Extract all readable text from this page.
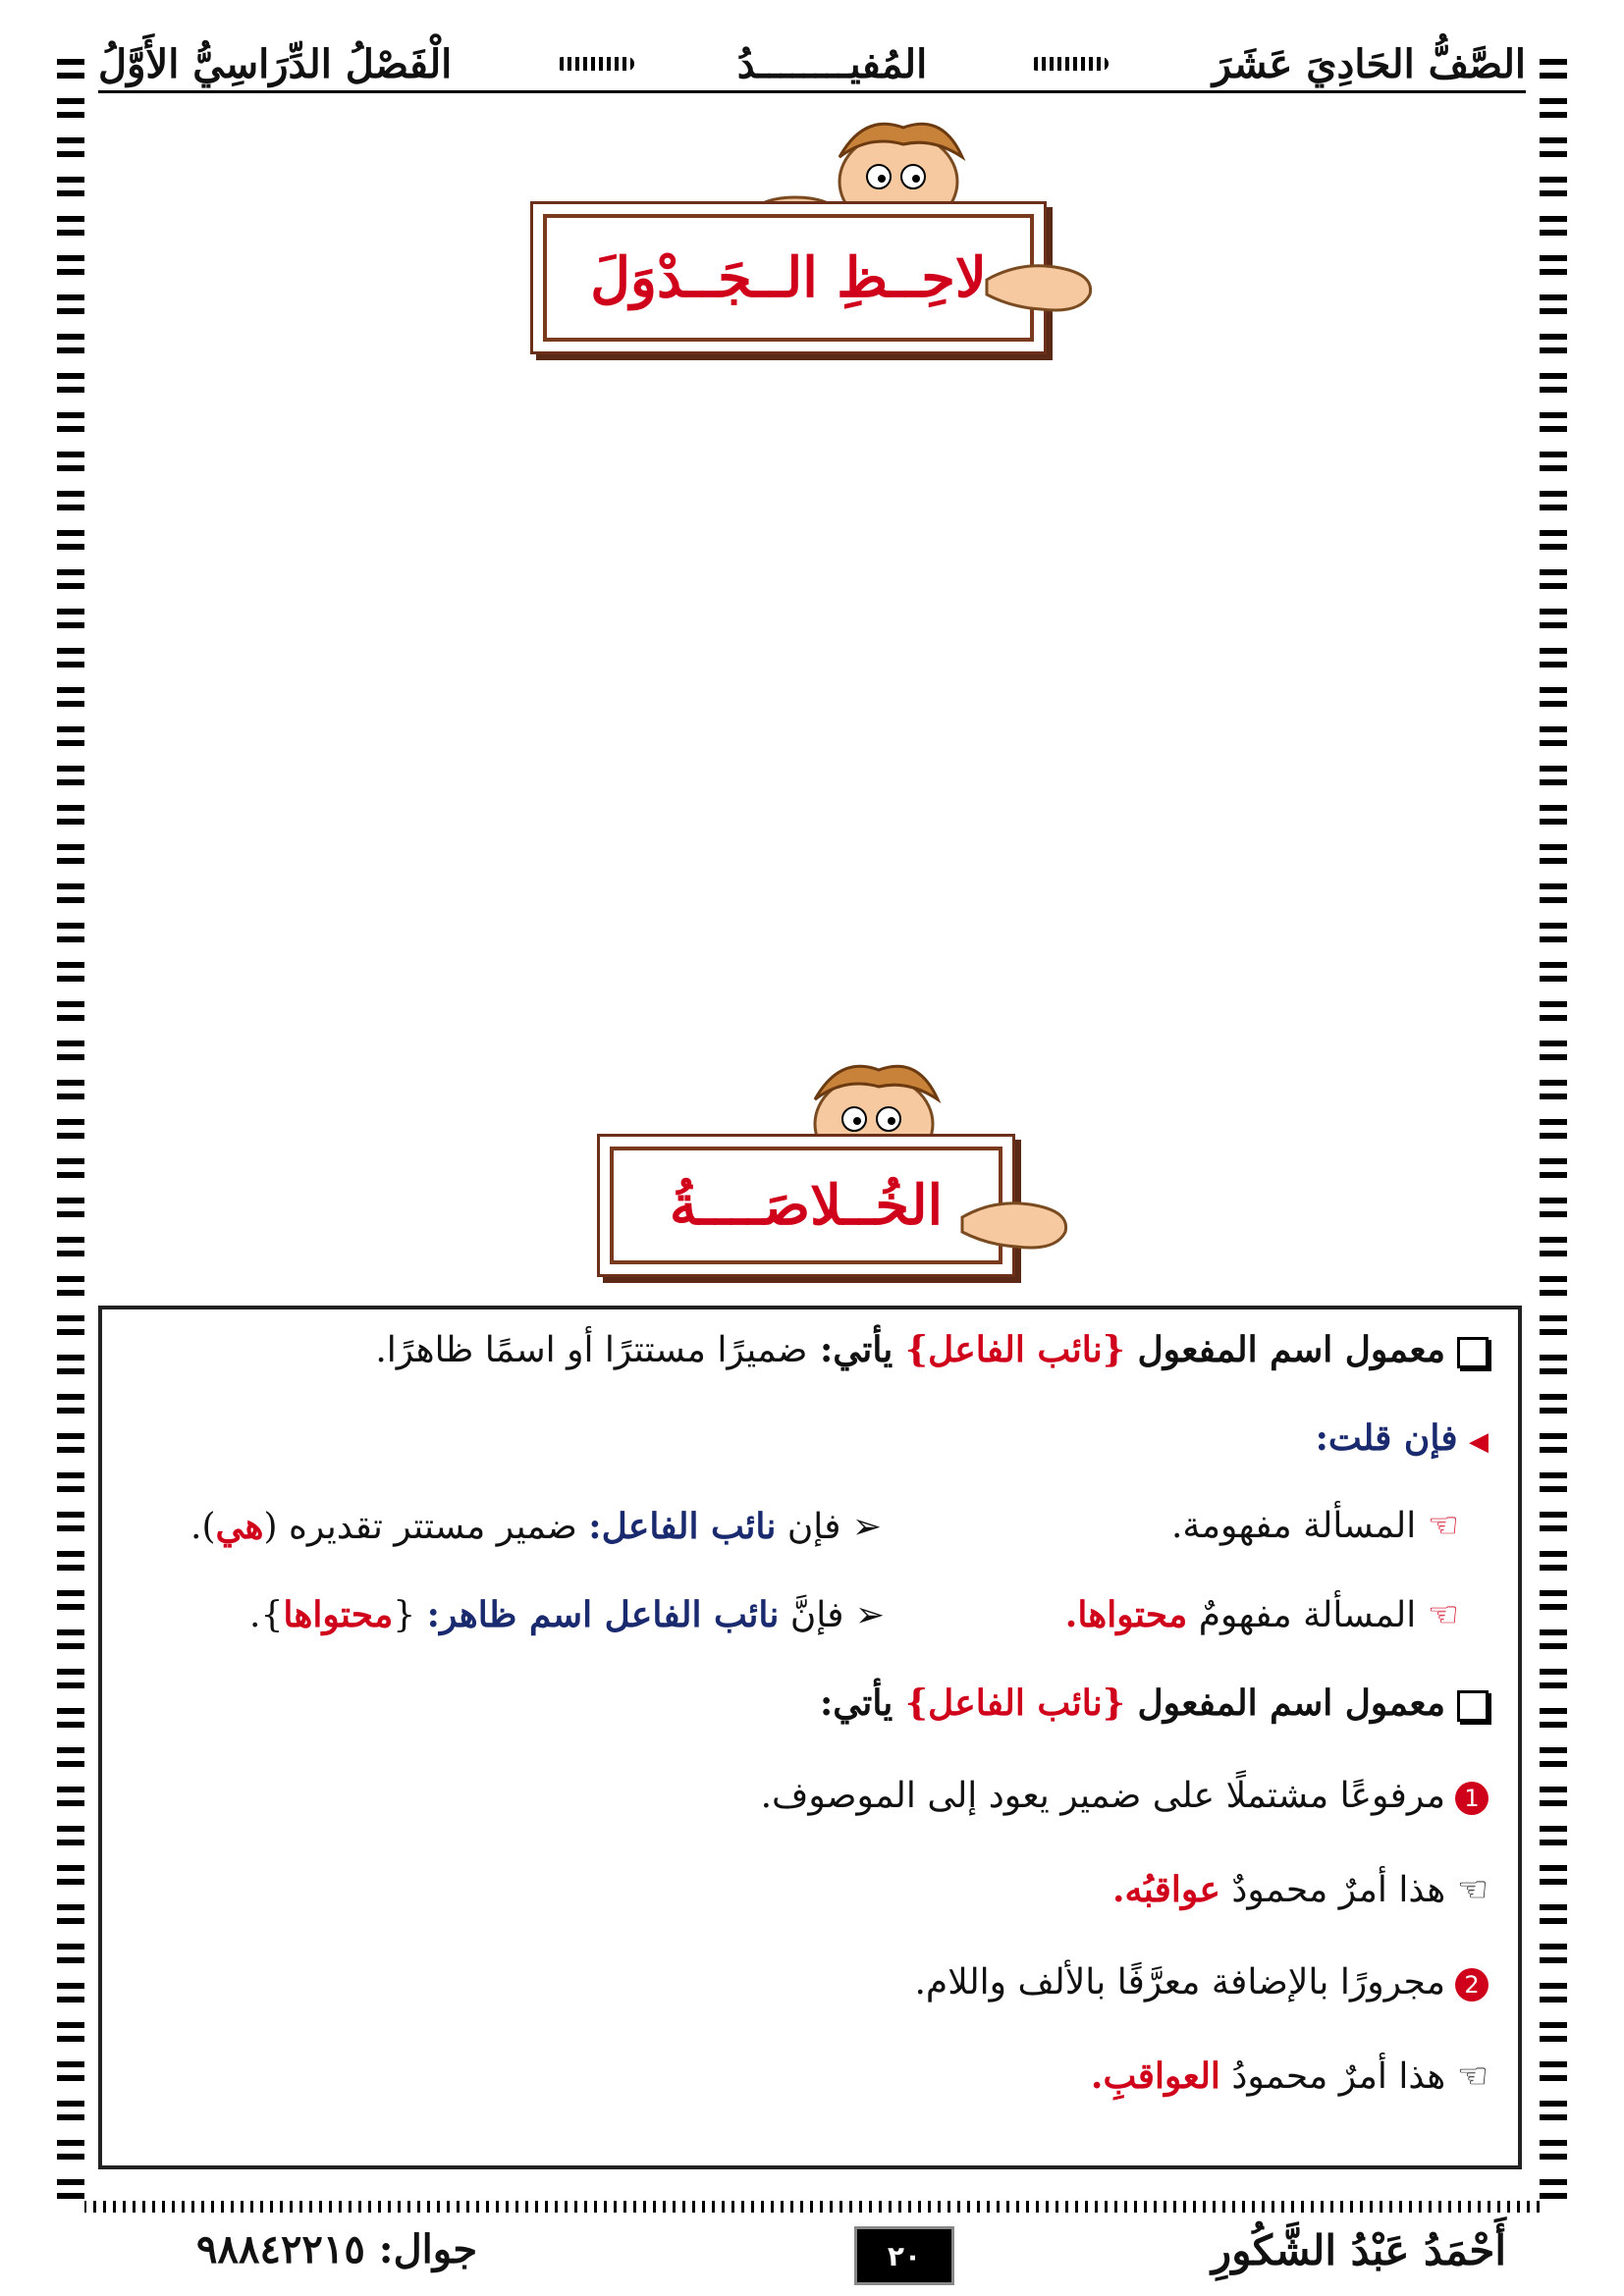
الصَّفُّ الحَادِيَ عَشَرَ
المُفيــــــــدُ
الْفَصْلُ الدِّرَاسِيُّ الأَوَّلُ
لاحِــظِ الــجَــدْوَلَ
الخُــلاصَــــةُ
معمول اسم المفعول {نائب الفاعل} يأتي: ضميرًا مستترًا أو اسمًا ظاهرًا.
◀ فإن قلت:
☜ المسألة مفهومة.
➢ فإن نائب الفاعل: ضمير مستتر تقديره (هي).
☜ المسألة مفهومٌ محتواها.
➢ فإنَّ نائب الفاعل اسم ظاهر: {محتواها}.
معمول اسم المفعول {نائب الفاعل} يأتي:
1مرفوعًا مشتملًا على ضمير يعود إلى الموصوف.
☜ هذا أمرٌ محمودٌ عواقبُه.
2مجرورًا بالإضافة معرَّفًا بالألف واللام.
☜ هذا أمرٌ محمودُ العواقبِ.
أَحْمَدُ عَبْدُ الشَّكُورِ
٢٠
جوال: ٩٨٨٤٢٢١٥
